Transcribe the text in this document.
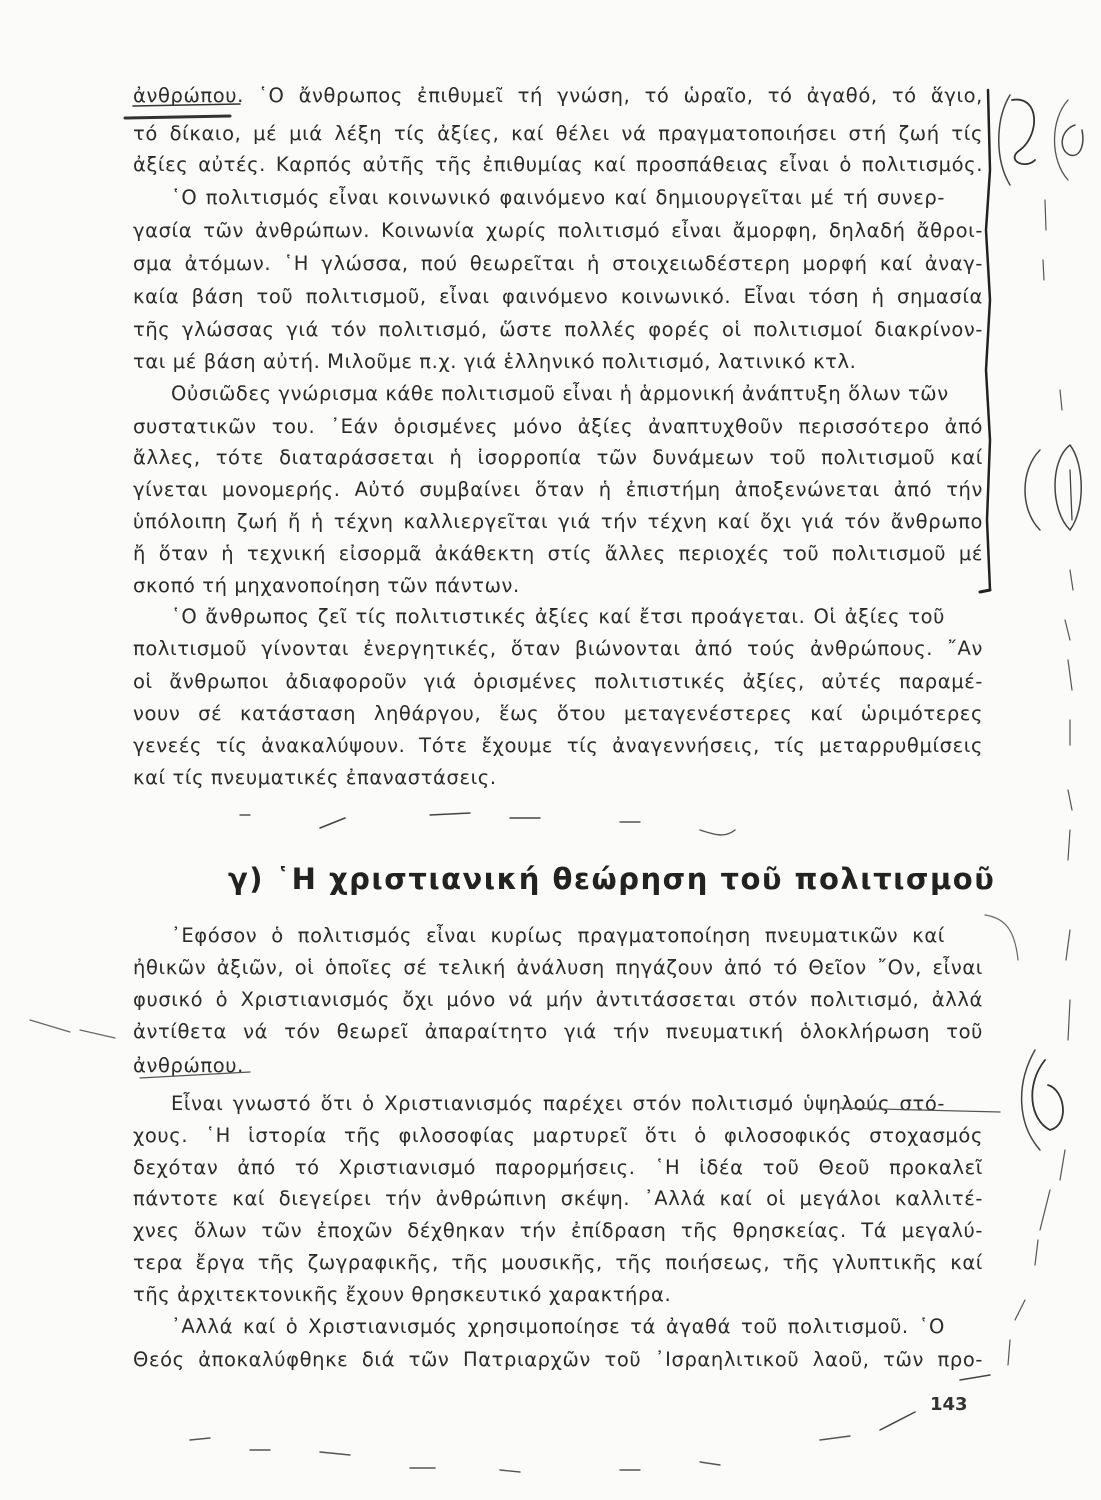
ἀνθρώπου. ῾Ο ἄνθρωπος ἐπιθυμεῖ τή γνώση, τό ὡραῖο, τό ἀγαθό, τό ἅγιο,
τό δίκαιο, μέ μιά λέξη τίς ἀξίες, καί θέλει νά πραγματοποιήσει στή ζωή τίς
ἀξίες αὐτές. Καρπός αὐτῆς τῆς ἐπιθυμίας καί προσπάθειας εἶναι ὁ πολιτισμός.
῾Ο πολιτισμός εἶναι κοινωνικό φαινόμενο καί δημιουργεῖται μέ τή συνερ-
γασία τῶν ἀνθρώπων. Κοινωνία χωρίς πολιτισμό εἶναι ἄμορφη, δηλαδή ἄθροι-
σμα ἀτόμων. ῾Η γλώσσα, πού θεωρεῖται ἡ στοιχειωδέστερη μορφή καί ἀναγ-
καία βάση τοῦ πολιτισμοῦ, εἶναι φαινόμενο κοινωνικό. Εἶναι τόση ἡ σημασία
τῆς γλώσσας γιά τόν πολιτισμό, ὥστε πολλές φορές οἱ πολιτισμοί διακρίνον-
ται μέ βάση αὐτή. Μιλοῦμε π.χ. γιά ἑλληνικό πολιτισμό, λατινικό κτλ.
Οὐσιῶδες γνώρισμα κάθε πολιτισμοῦ εἶναι ἡ ἁρμονική ἀνάπτυξη ὅλων τῶν
συστατικῶν του. ᾿Εάν ὁρισμένες μόνο ἀξίες ἀναπτυχθοῦν περισσότερο ἀπό
ἄλλες, τότε διαταράσσεται ἡ ἰσορροπία τῶν δυνάμεων τοῦ πολιτισμοῦ καί
γίνεται μονομερής. Αὐτό συμβαίνει ὅταν ἡ ἐπιστήμη ἀποξενώνεται ἀπό τήν
ὑπόλοιπη ζωή ἤ ἡ τέχνη καλλιεργεῖται γιά τήν τέχνη καί ὄχι γιά τόν ἄνθρωπο
ἤ ὅταν ἡ τεχνική εἰσορμᾶ ἀκάθεκτη στίς ἄλλες περιοχές τοῦ πολιτισμοῦ μέ
σκοπό τή μηχανοποίηση τῶν πάντων.
῾Ο ἄνθρωπος ζεῖ τίς πολιτιστικές ἀξίες καί ἔτσι προάγεται. Οἱ ἀξίες τοῦ
πολιτισμοῦ γίνονται ἐνεργητικές, ὅταν βιώνονται ἀπό τούς ἀνθρώπους. ῎Αν
οἱ ἄνθρωποι ἀδιαφοροῦν γιά ὁρισμένες πολιτιστικές ἀξίες, αὐτές παραμέ-
νουν σέ κατάσταση ληθάργου, ἕως ὅτου μεταγενέστερες καί ὡριμότερες
γενεές τίς ἀνακαλύψουν. Τότε ἔχουμε τίς ἀναγεννήσεις, τίς μεταρρυθμίσεις
καί τίς πνευματικές ἐπαναστάσεις.
᾿Εφόσον ὁ πολιτισμός εἶναι κυρίως πραγματοποίηση πνευματικῶν καί
ἠθικῶν ἀξιῶν, οἱ ὁποῖες σέ τελική ἀνάλυση πηγάζουν ἀπό τό Θεῖον ῎Ον, εἶναι
φυσικό ὁ Χριστιανισμός ὄχι μόνο νά μήν ἀντιτάσσεται στόν πολιτισμό, ἀλλά
ἀντίθετα νά τόν θεωρεῖ ἀπαραίτητο γιά τήν πνευματική ὁλοκλήρωση τοῦ
ἀνθρώπου.
Εἶναι γνωστό ὅτι ὁ Χριστιανισμός παρέχει στόν πολιτισμό ὑψηλούς στό-
χους. ῾Η ἱστορία τῆς φιλοσοφίας μαρτυρεῖ ὅτι ὁ φιλοσοφικός στοχασμός
δεχόταν ἀπό τό Χριστιανισμό παρορμήσεις. ῾Η ἰδέα τοῦ Θεοῦ προκαλεῖ
πάντοτε καί διεγείρει τήν ἀνθρώπινη σκέψη. ᾿Αλλά καί οἱ μεγάλοι καλλιτέ-
χνες ὅλων τῶν ἐποχῶν δέχθηκαν τήν ἐπίδραση τῆς θρησκείας. Τά μεγαλύ-
τερα ἔργα τῆς ζωγραφικῆς, τῆς μουσικῆς, τῆς ποιήσεως, τῆς γλυπτικῆς καί
τῆς ἀρχιτεκτονικῆς ἔχουν θρησκευτικό χαρακτήρα.
᾿Αλλά καί ὁ Χριστιανισμός χρησιμοποίησε τά ἀγαθά τοῦ πολιτισμοῦ. ῾Ο
Θεός ἀποκαλύφθηκε διά τῶν Πατριαρχῶν τοῦ ᾿Ισραηλιτικοῦ λαοῦ, τῶν προ-
γ) ῾Η χριστιανική θεώρηση τοῦ πολιτισμοῦ
143
